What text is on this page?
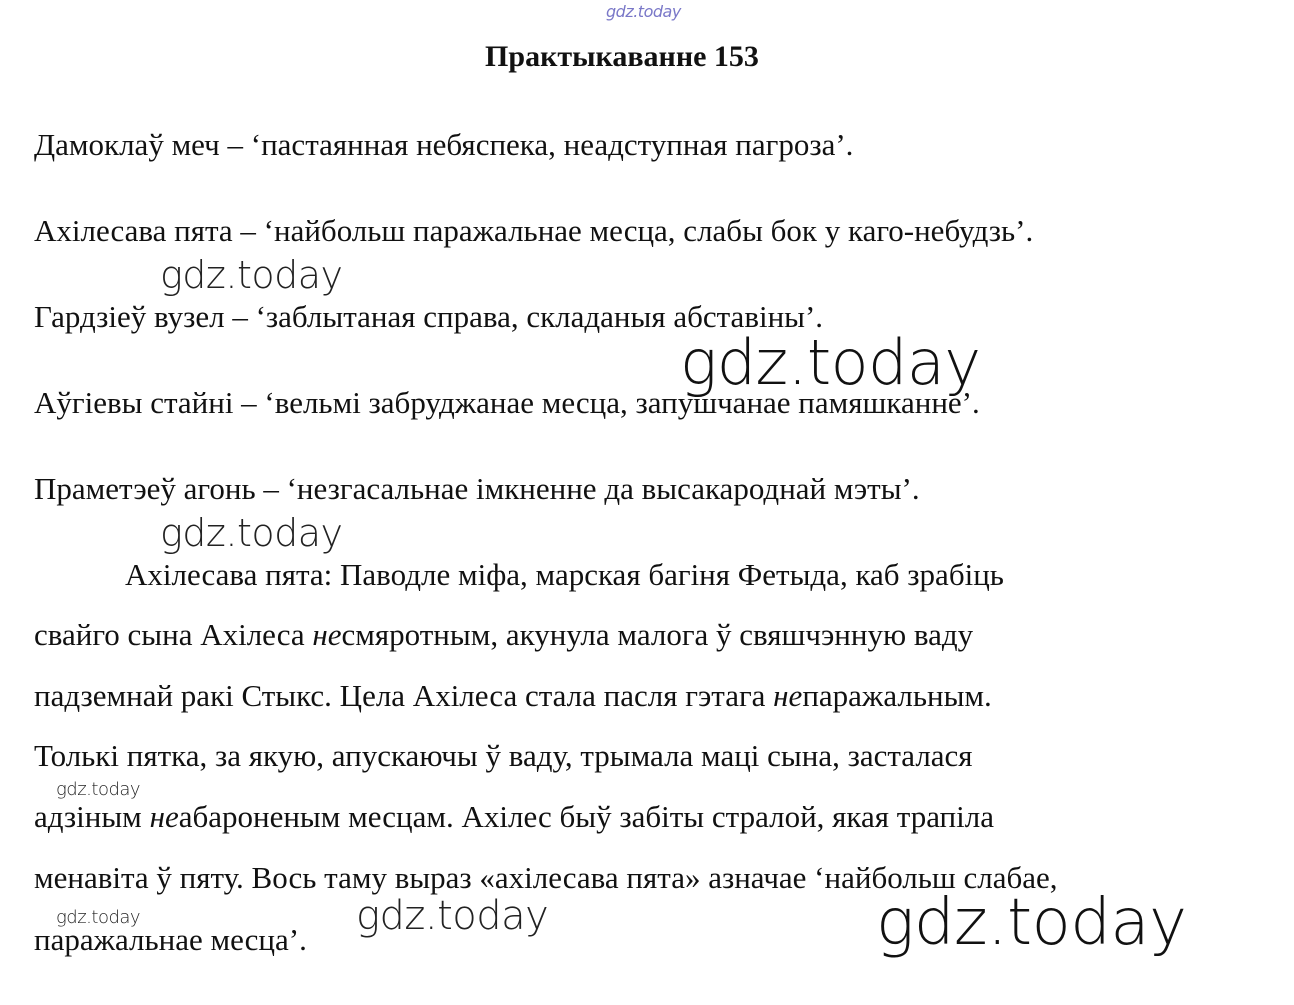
Практыкаванне 153
Дамоклаў меч – ‘пастаянная небяспека, неадступная пагроза’.
Ахілесава пята – ‘найбольш паражальнае месца, слабы бок у каго-небудзь’.
Гардзіеў вузел – ‘заблытаная справа, складаныя абставіны’.
Аўгіевы стайні – ‘вельмі забруджанае месца, запушчанае памяшканне’.
Праметэеў агонь – ‘незгасальнае імкненне да высакароднай мэты’.
Ахілесава пята: Паводле міфа, марская багіня Фетыда, каб зрабіць
свайго сына Ахілеса несмяротным, акунула малога ў свяшчэнную ваду
падземнай ракі Стыкс. Цела Ахілеса стала пасля гэтага непаражальным.
Толькі пятка, за якую, апускаючы ў ваду, трымала маці сына, засталася
адзіным неабароненым месцам. Ахілес быў забіты стралой, якая трапіла
менавіта ў пяту. Вось таму выраз «ахілесава пята» азначае ‘найбольш слабае,
паражальнае месца’.
gdz.today
gdz.today
gdz.today
gdz.today
gdz.today
gdz.today	gdz.today	gdz.today
